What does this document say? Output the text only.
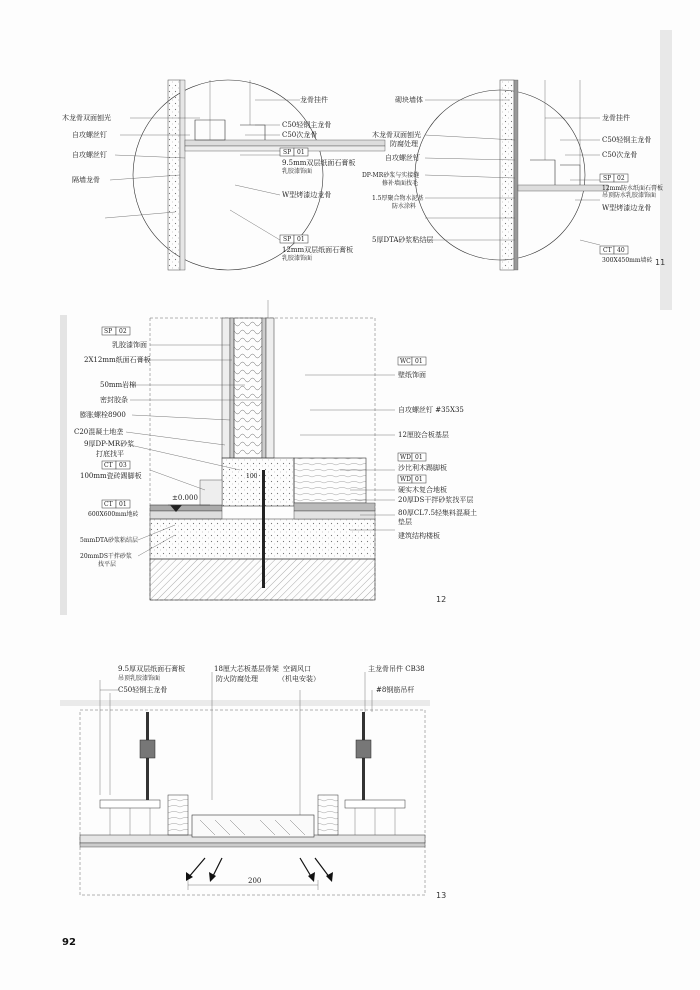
木龙骨双面刨光
自攻螺丝钉
自攻螺丝钉
隔墙龙骨
龙骨挂件
C50轻钢主龙骨
C50次龙骨
SP 01
9.5mm双层纸面石膏板
乳胶漆饰面
W型烤漆边龙骨
SP 01
12mm双层纸面石膏板
乳胶漆饰面
砌块墙体
木龙骨双面刨光
防腐处理
自攻螺丝钉
DP-MR砂浆与实接缝
修补墙面找毛
1.5厚聚合物水泥基
防水涂料
5厚DTA砂浆粘结层
龙骨挂件
C50轻钢主龙骨
C50次龙骨
SP 02
12mm防水纸面石膏板
吊顶防水乳胶漆饰面
W型烤漆边龙骨
CT 40
300X450mm墙砖 11
±0.000
100
SP 02
CT 03
CT 01
WC 01
WD 01
WD 01
乳胶漆饰面
2X12mm纸面石膏板
50mm岩棉
密封胶条
膨胀螺栓8900
C20混凝土地垄
9厚DP-MR砂浆
打底找平
100mm瓷砖踢脚板
600X600mm地砖
5mmDTA砂浆粘结层
20mmDS干拌砂浆
找平层
壁纸饰面
自攻螺丝钉 #35X35
12厘胶合板基层
沙比利木踢脚板
硬实木复合地板
20厚DS干拌砂浆找平层
80厚CL7.5轻集料混凝土
垫层
建筑结构楼板
12
200
9.5厚双层纸面石膏板
吊顶乳胶漆饰面
C50轻钢主龙骨
18厘大芯板基层骨架
防火防腐处理
空调风口
（机电安装）
主龙骨吊件 CB38
#8钢筋吊杆
13
92
